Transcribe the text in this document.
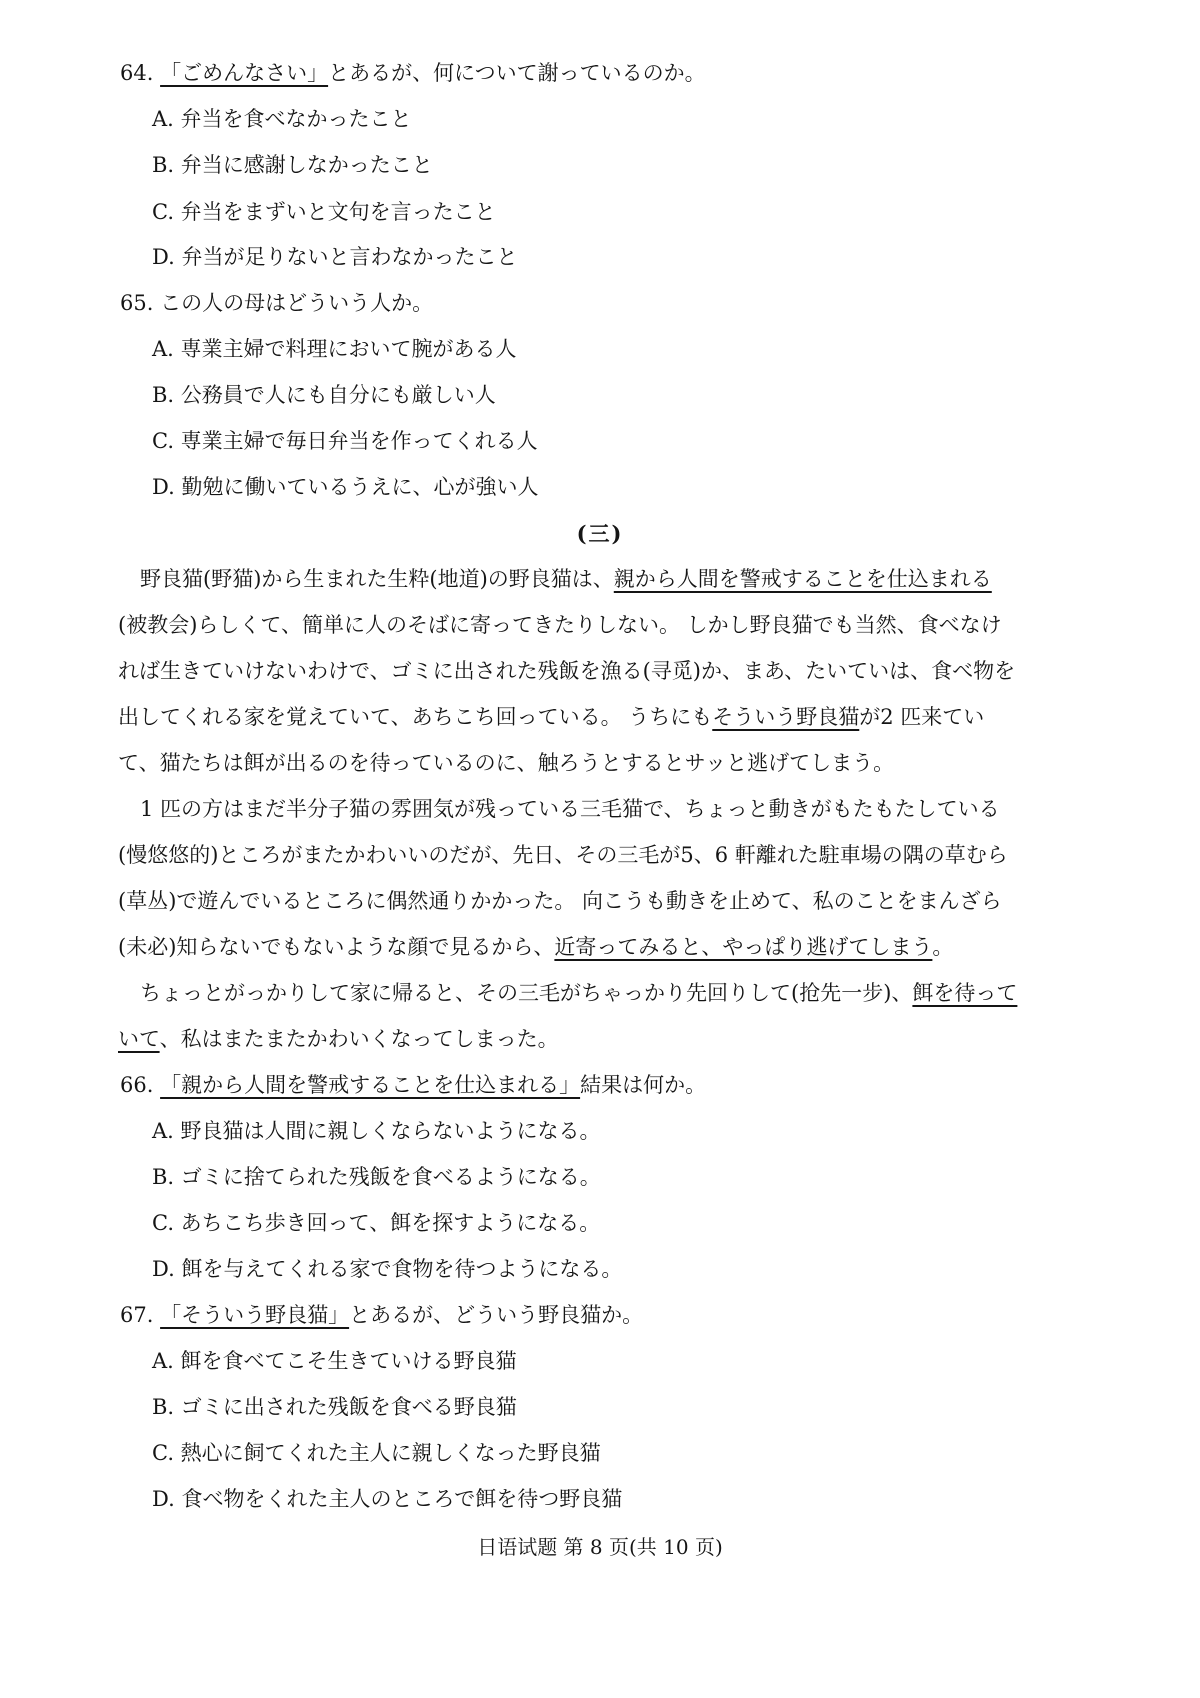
64. 「ごめんなさい」とあるが、何について謝っているのか。
A. 弁当を食べなかったこと
B. 弁当に感謝しなかったこと
C. 弁当をまずいと文句を言ったこと
D. 弁当が足りないと言わなかったこと
65. この人の母はどういう人か。
A. 専業主婦で料理において腕がある人
B. 公務員で人にも自分にも厳しい人
C. 専業主婦で毎日弁当を作ってくれる人
D. 勤勉に働いているうえに、心が強い人
(三)
野良猫(野猫)から生まれた生粋(地道)の野良猫は、親から人間を警戒することを仕込まれる
(被教会)らしくて、簡単に人のそばに寄ってきたりしない。 しかし野良猫でも当然、食べなけ
れば生きていけないわけで、ゴミに出された残飯を漁る(寻觅)か、まあ、たいていは、食べ物を
出してくれる家を覚えていて、あちこち回っている。 うちにもそういう野良猫が2 匹来てい
て、猫たちは餌が出るのを待っているのに、触ろうとするとサッと逃げてしまう。
1 匹の方はまだ半分子猫の雰囲気が残っている三毛猫で、ちょっと動きがもたもたしている
(慢悠悠的)ところがまたかわいいのだが、先日、その三毛が5、6 軒離れた駐車場の隅の草むら
(草丛)で遊んでいるところに偶然通りかかった。 向こうも動きを止めて、私のことをまんざら
(未必)知らないでもないような顔で見るから、近寄ってみると、やっぱり逃げてしまう。
ちょっとがっかりして家に帰ると、その三毛がちゃっかり先回りして(抢先一步)、餌を待って
いて、私はまたまたかわいくなってしまった。
66. 「親から人間を警戒することを仕込まれる」結果は何か。
A. 野良猫は人間に親しくならないようになる。
B. ゴミに捨てられた残飯を食べるようになる。
C. あちこち歩き回って、餌を探すようになる。
D. 餌を与えてくれる家で食物を待つようになる。
67. 「そういう野良猫」とあるが、どういう野良猫か。
A. 餌を食べてこそ生きていける野良猫
B. ゴミに出された残飯を食べる野良猫
C. 熱心に飼てくれた主人に親しくなった野良猫
D. 食べ物をくれた主人のところで餌を待つ野良猫
日语试题 第 8 页(共 10 页)
